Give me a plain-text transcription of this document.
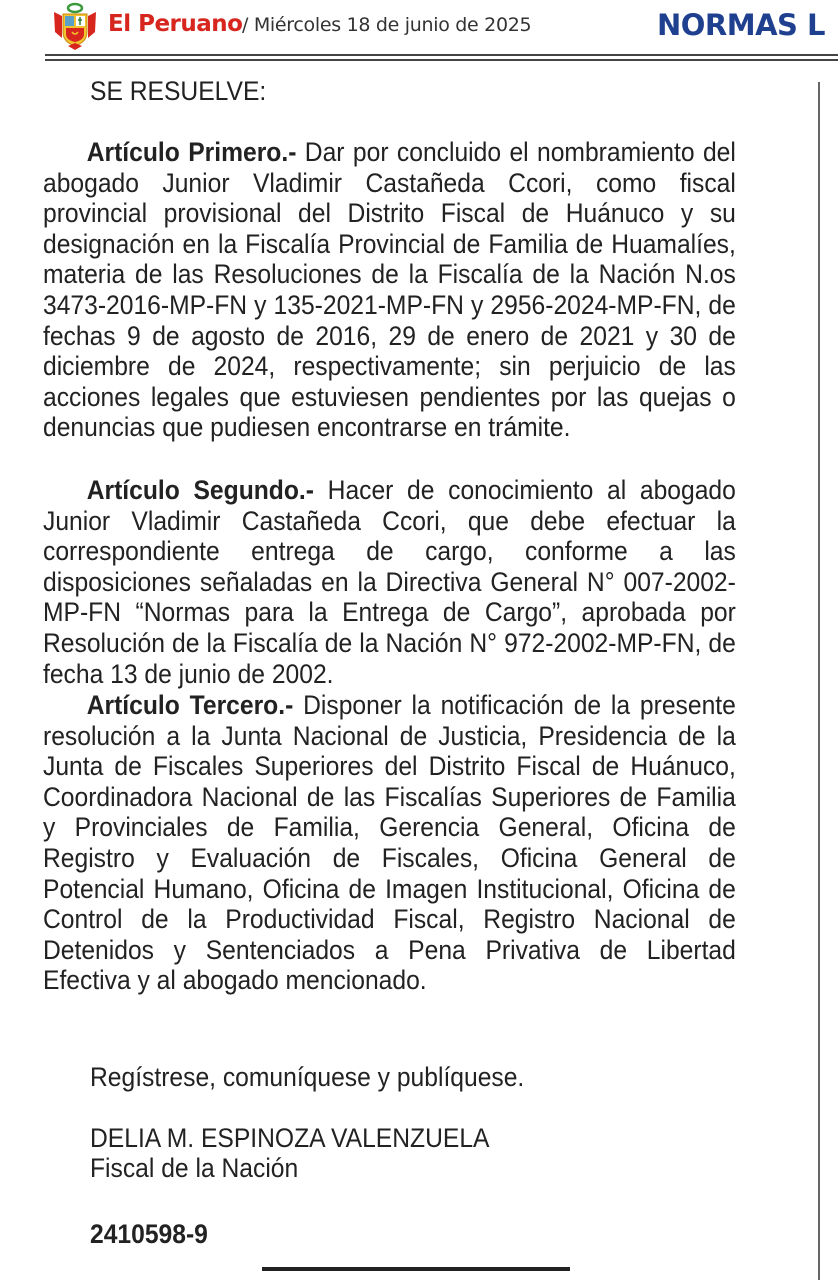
El Peruano / Miércoles 18 de junio de 2025	NORMAS L
SE RESUELVE:

Artículo Primero.- Dar por concluido el nombramiento del abogado Junior Vladimir Castañeda Ccori, como fiscal provincial provisional del Distrito Fiscal de Huánuco y su designación en la Fiscalía Provincial de Familia de Huamalíes, materia de las Resoluciones de la Fiscalía de la Nación N.os 3473-2016-MP-FN y 135-2021-MP-FN y 2956-2024-MP-FN, de fechas 9 de agosto de 2016, 29 de enero de 2021 y 30 de diciembre de 2024, respectivamente; sin perjuicio de las acciones legales que estuviesen pendientes por las quejas o denuncias que pudiesen encontrarse en trámite.

Artículo Segundo.- Hacer de conocimiento al abogado Junior Vladimir Castañeda Ccori, que debe efectuar la correspondiente entrega de cargo, conforme a las disposiciones señaladas en la Directiva General N° 007-2002-MP-FN “Normas para la Entrega de Cargo”, aprobada por Resolución de la Fiscalía de la Nación N° 972-2002-MP-FN, de fecha 13 de junio de 2002.

Artículo Tercero.- Disponer la notificación de la presente resolución a la Junta Nacional de Justicia, Presidencia de la Junta de Fiscales Superiores del Distrito Fiscal de Huánuco, Coordinadora Nacional de las Fiscalías Superiores de Familia y Provinciales de Familia, Gerencia General, Oficina de Registro y Evaluación de Fiscales, Oficina General de Potencial Humano, Oficina de Imagen Institucional, Oficina de Control de la Productividad Fiscal, Registro Nacional de Detenidos y Sentenciados a Pena Privativa de Libertad Efectiva y al abogado mencionado.

Regístrese, comuníquese y publíquese.
DELIA M. ESPINOZA VALENZUELA
Fiscal de la Nación
2410598-9
